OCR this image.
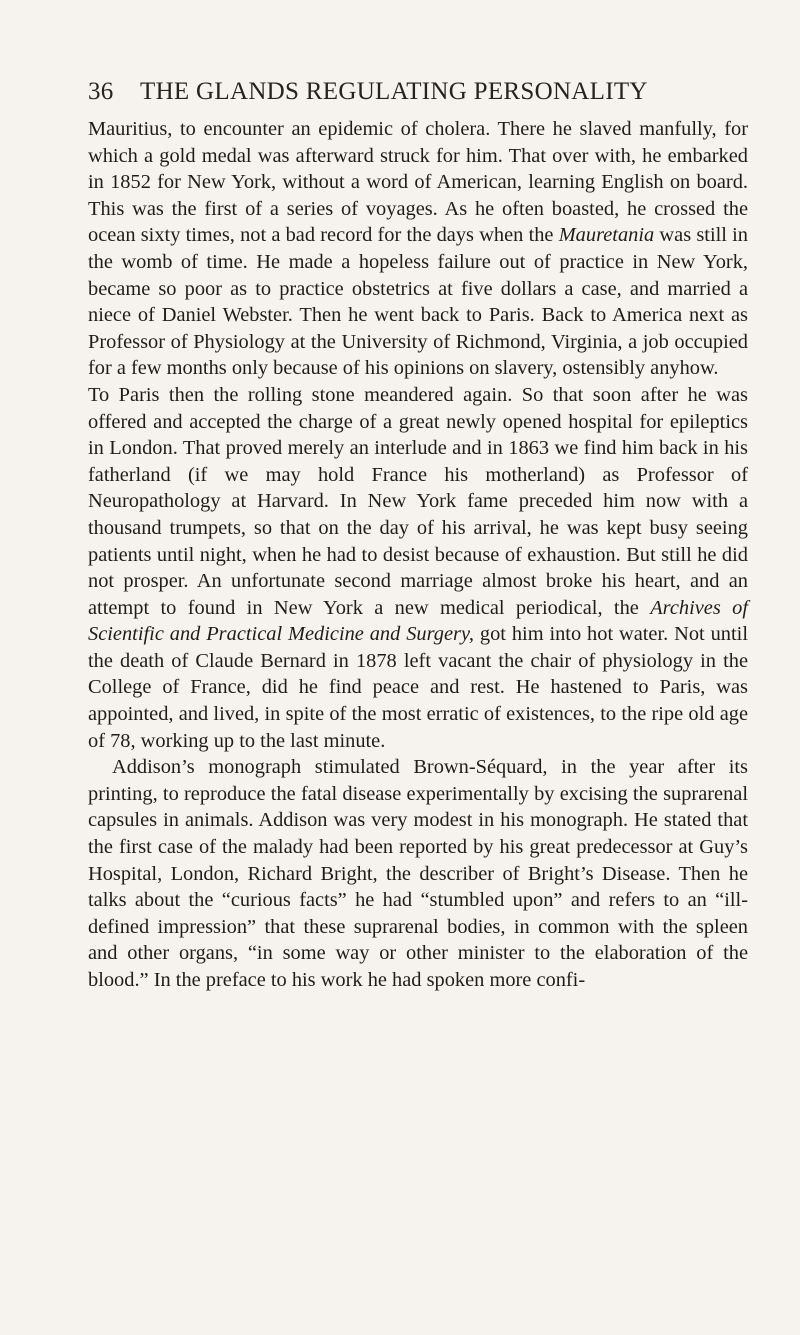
36	THE GLANDS REGULATING PERSONALITY

Mauritius, to encounter an epidemic of cholera. There he slaved manfully, for which a gold medal was afterward struck for him. That over with, he embarked in 1852 for New York, without a word of American, learning English on board. This was the first of a series of voyages. As he often boasted, he crossed the ocean sixty times, not a bad record for the days when the Mauretania was still in the womb of time. He made a hopeless failure out of practice in New York, became so poor as to practice obstetrics at five dollars a case, and married a niece of Daniel Webster. Then he went back to Paris. Back to America next as Professor of Physiology at the University of Richmond, Virginia, a job occupied for a few months only because of his opinions on slavery, ostensibly anyhow.

To Paris then the rolling stone meandered again. So that soon after he was offered and accepted the charge of a great newly opened hospital for epileptics in London. That proved merely an interlude and in 1863 we find him back in his fatherland (if we may hold France his motherland) as Professor of Neuropathology at Harvard. In New York fame preceded him now with a thousand trumpets, so that on the day of his arrival, he was kept busy seeing patients until night, when he had to desist because of exhaustion. But still he did not prosper. An unfortunate second marriage almost broke his heart, and an attempt to found in New York a new medical periodical, the Archives of Scientific and Practical Medicine and Surgery, got him into hot water. Not until the death of Claude Bernard in 1878 left vacant the chair of physiology in the College of France, did he find peace and rest. He hastened to Paris, was appointed, and lived, in spite of the most erratic of existences, to the ripe old age of 78, working up to the last minute.

Addison’s monograph stimulated Brown-Séquard, in the year after its printing, to reproduce the fatal disease experimentally by excising the suprarenal capsules in animals. Addison was very modest in his monograph. He stated that the first case of the malady had been reported by his great predecessor at Guy’s Hospital, London, Richard Bright, the describer of Bright’s Disease. Then he talks about the “curious facts” he had “stumbled upon” and refers to an “ill-defined impression” that these suprarenal bodies, in common with the spleen and other organs, “in some way or other minister to the elaboration of the blood.” In the preface to his work he had spoken more confi-
